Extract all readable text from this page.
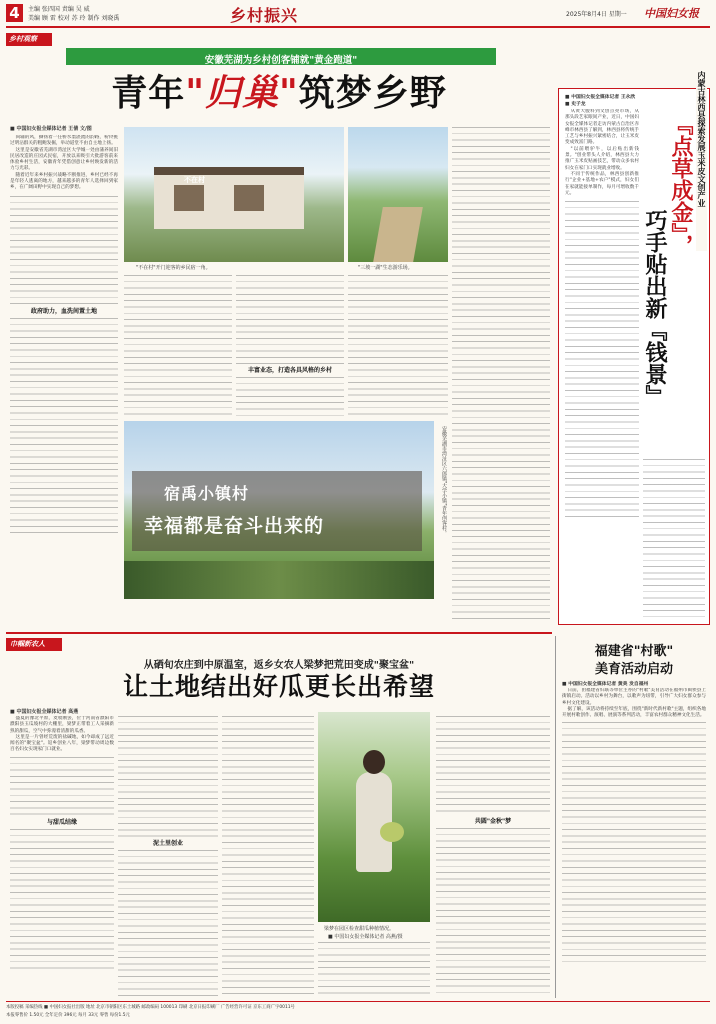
4	主编 张四国 责编 吴 威
美编 顾 雷 校对 苏 玲 制作 刘晓禹	乡村振兴	2025年8月4日 星期一 中国妇女报
乡村观察
安徽芜湖为乡村创客铺就"黄金跑道"
青年"归巢"筑梦乡野
■ 中国妇女报全媒体记者 王倩 文/图
尚辅的风，撕扬着一任桥水墨湛流的韵路，粉铃挑过明沾群关的粗鲍发掘，举动道堂不由自主地上扬。
这里是安徽省芜湖市湾沚区大学城一处由蒲养间旧民居改造的庄园式民宿，开放以来吸引大批游客前来体验乡村生活，安徽青年凭借创意让乡村焕发新的活力与光彩。
随着近年来乡村振兴战略不断推进，乡村已经不再是年轻人逃离的地方，越来越多的青年人选择回到家乡，在广阔田野中实现自己的梦想。
政府助力，血洗间置土地
不在村
"不在村"开门迎客的乡民宿一角。	"三坡一湖"生态游乐场。
丰富业态，打造各具风格的乡村
宿禹小镇村
幸福都是奋斗出来的	安徽芜湖市湾沚区六郎镇"大学小镇"青年创客村。
■ 中国妇女报全媒体记者 王永欣
■ 史子龙	内蒙古林西县探索发展玉米皮文创产业
『点草成金』，
巧手贴出新『钱景』
从黄大腹料到文创点亮市场，从那头段艺家眼间产业，近日，中国妇女报全媒体记者走访内蒙古自治区赤峰市林西县了解到，林西县将传统手工艺与乡村振兴紧密结合，让玉米皮变成致富门路。
"以前喂驴牛，以后贴出新钱景。"创业带头人介绍，林西县大力推广玉米皮贴画技艺，带动众多农村妇女在家门口实现就业增收。
不同于传统作品，林西县创新推行"企业+基地+农户"模式，妇女们在家就能接单制作，每月可增收数千元。
巾帼新农人
从硒旬农庄到中原温室，返乡女农人梁梦把荒田变成"聚宝盆"
让土地结出好瓜更长出希望
■ 中国妇女报全媒体记者 高燕
盛夏的豫北平原，麦收刚罢，位于河南省濮阳市濮阳县玉瓜坡村的大棚里，梁梦正带着工人采摘新熟的甜瓜，空气中弥漫着清甜的瓜香。
这里是一片曾经荒废的盐碱地，如今却成了远近闻名的"聚宝盆"。返乡创业八年，梁梦带动周边数百名妇女实现家门口就业。
与甜瓜结缘
泥土里创业
梁梦在园区检查甜瓜种植情况。
■ 中国妇女报全媒体记者 高燕/摄
共圆"金秋"梦
福建省"村歌"
美育活动启动
■ 中国妇女报全媒体记者 黄美 发自福州
日前，由福建省妇联等单位主办的"村歌"美育活动在福州市闽侯县上街镇启动。活动以乡村为舞台，以歌声为纽带，引导广大妇女群众参与乡村文化建设。
据了解，该活动将持续至年底，围绕"新时代新村歌"主题，组织各地开展村歌创作、演唱、展演等系列活动，丰富农村群众精神文化生活。
本版投稿 采编热线 ■ 中国妇女报社出版 地址 北京市朝阳区东土城路 邮政编码 100013 印刷 北京日报印刷厂 广告经营许可证 京东工商广字0011号
本报零售价 1.50元 全年定价 396元 每月 33元 零售 每份1.5元
